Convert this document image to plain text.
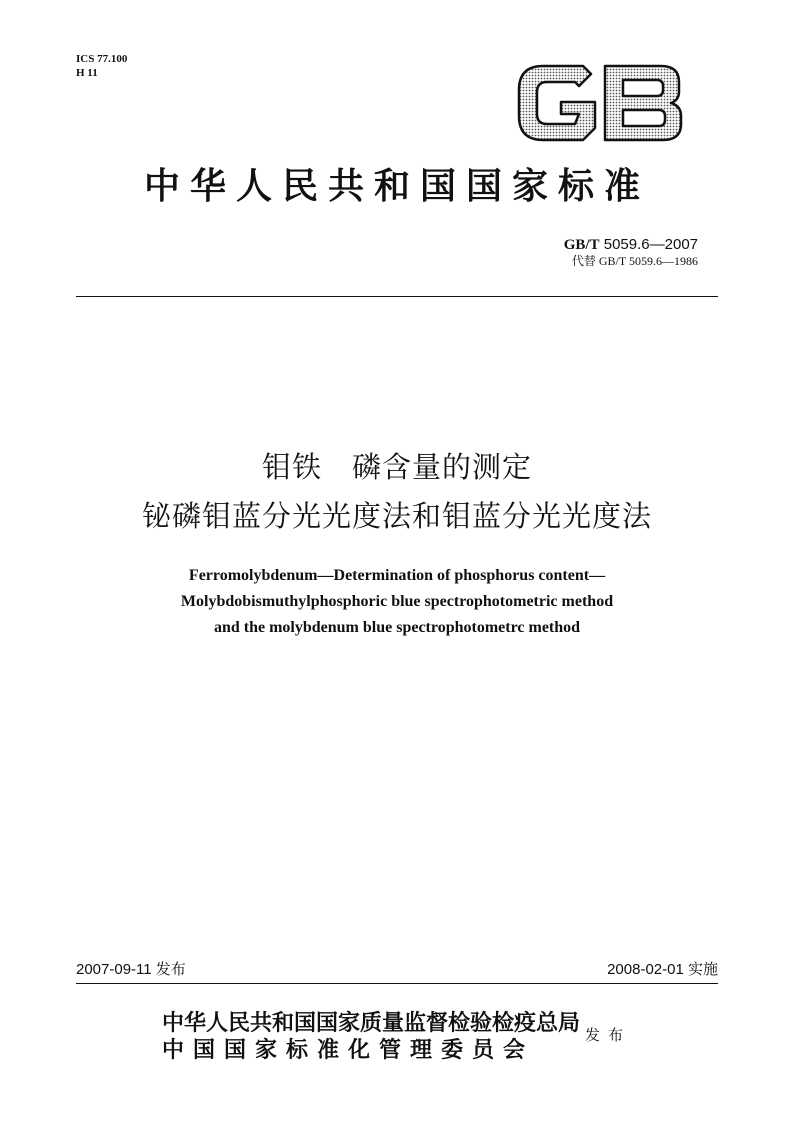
ICS 77.100
H 11
中华人民共和国国家标准
GB/T 5059.6—2007
代替 GB/T 5059.6—1986
钼铁　磷含量的测定
铋磷钼蓝分光光度法和钼蓝分光光度法
Ferromolybdenum—Determination of phosphorus content—
Molybdobismuthylphosphoric blue spectrophotometric method
and the molybdenum blue spectrophotometrc method
2007-09-11 发布	2008-02-01 实施
中华人民共和国国家质量监督检验检疫总局
中国国家标准化管理委员会
发布
